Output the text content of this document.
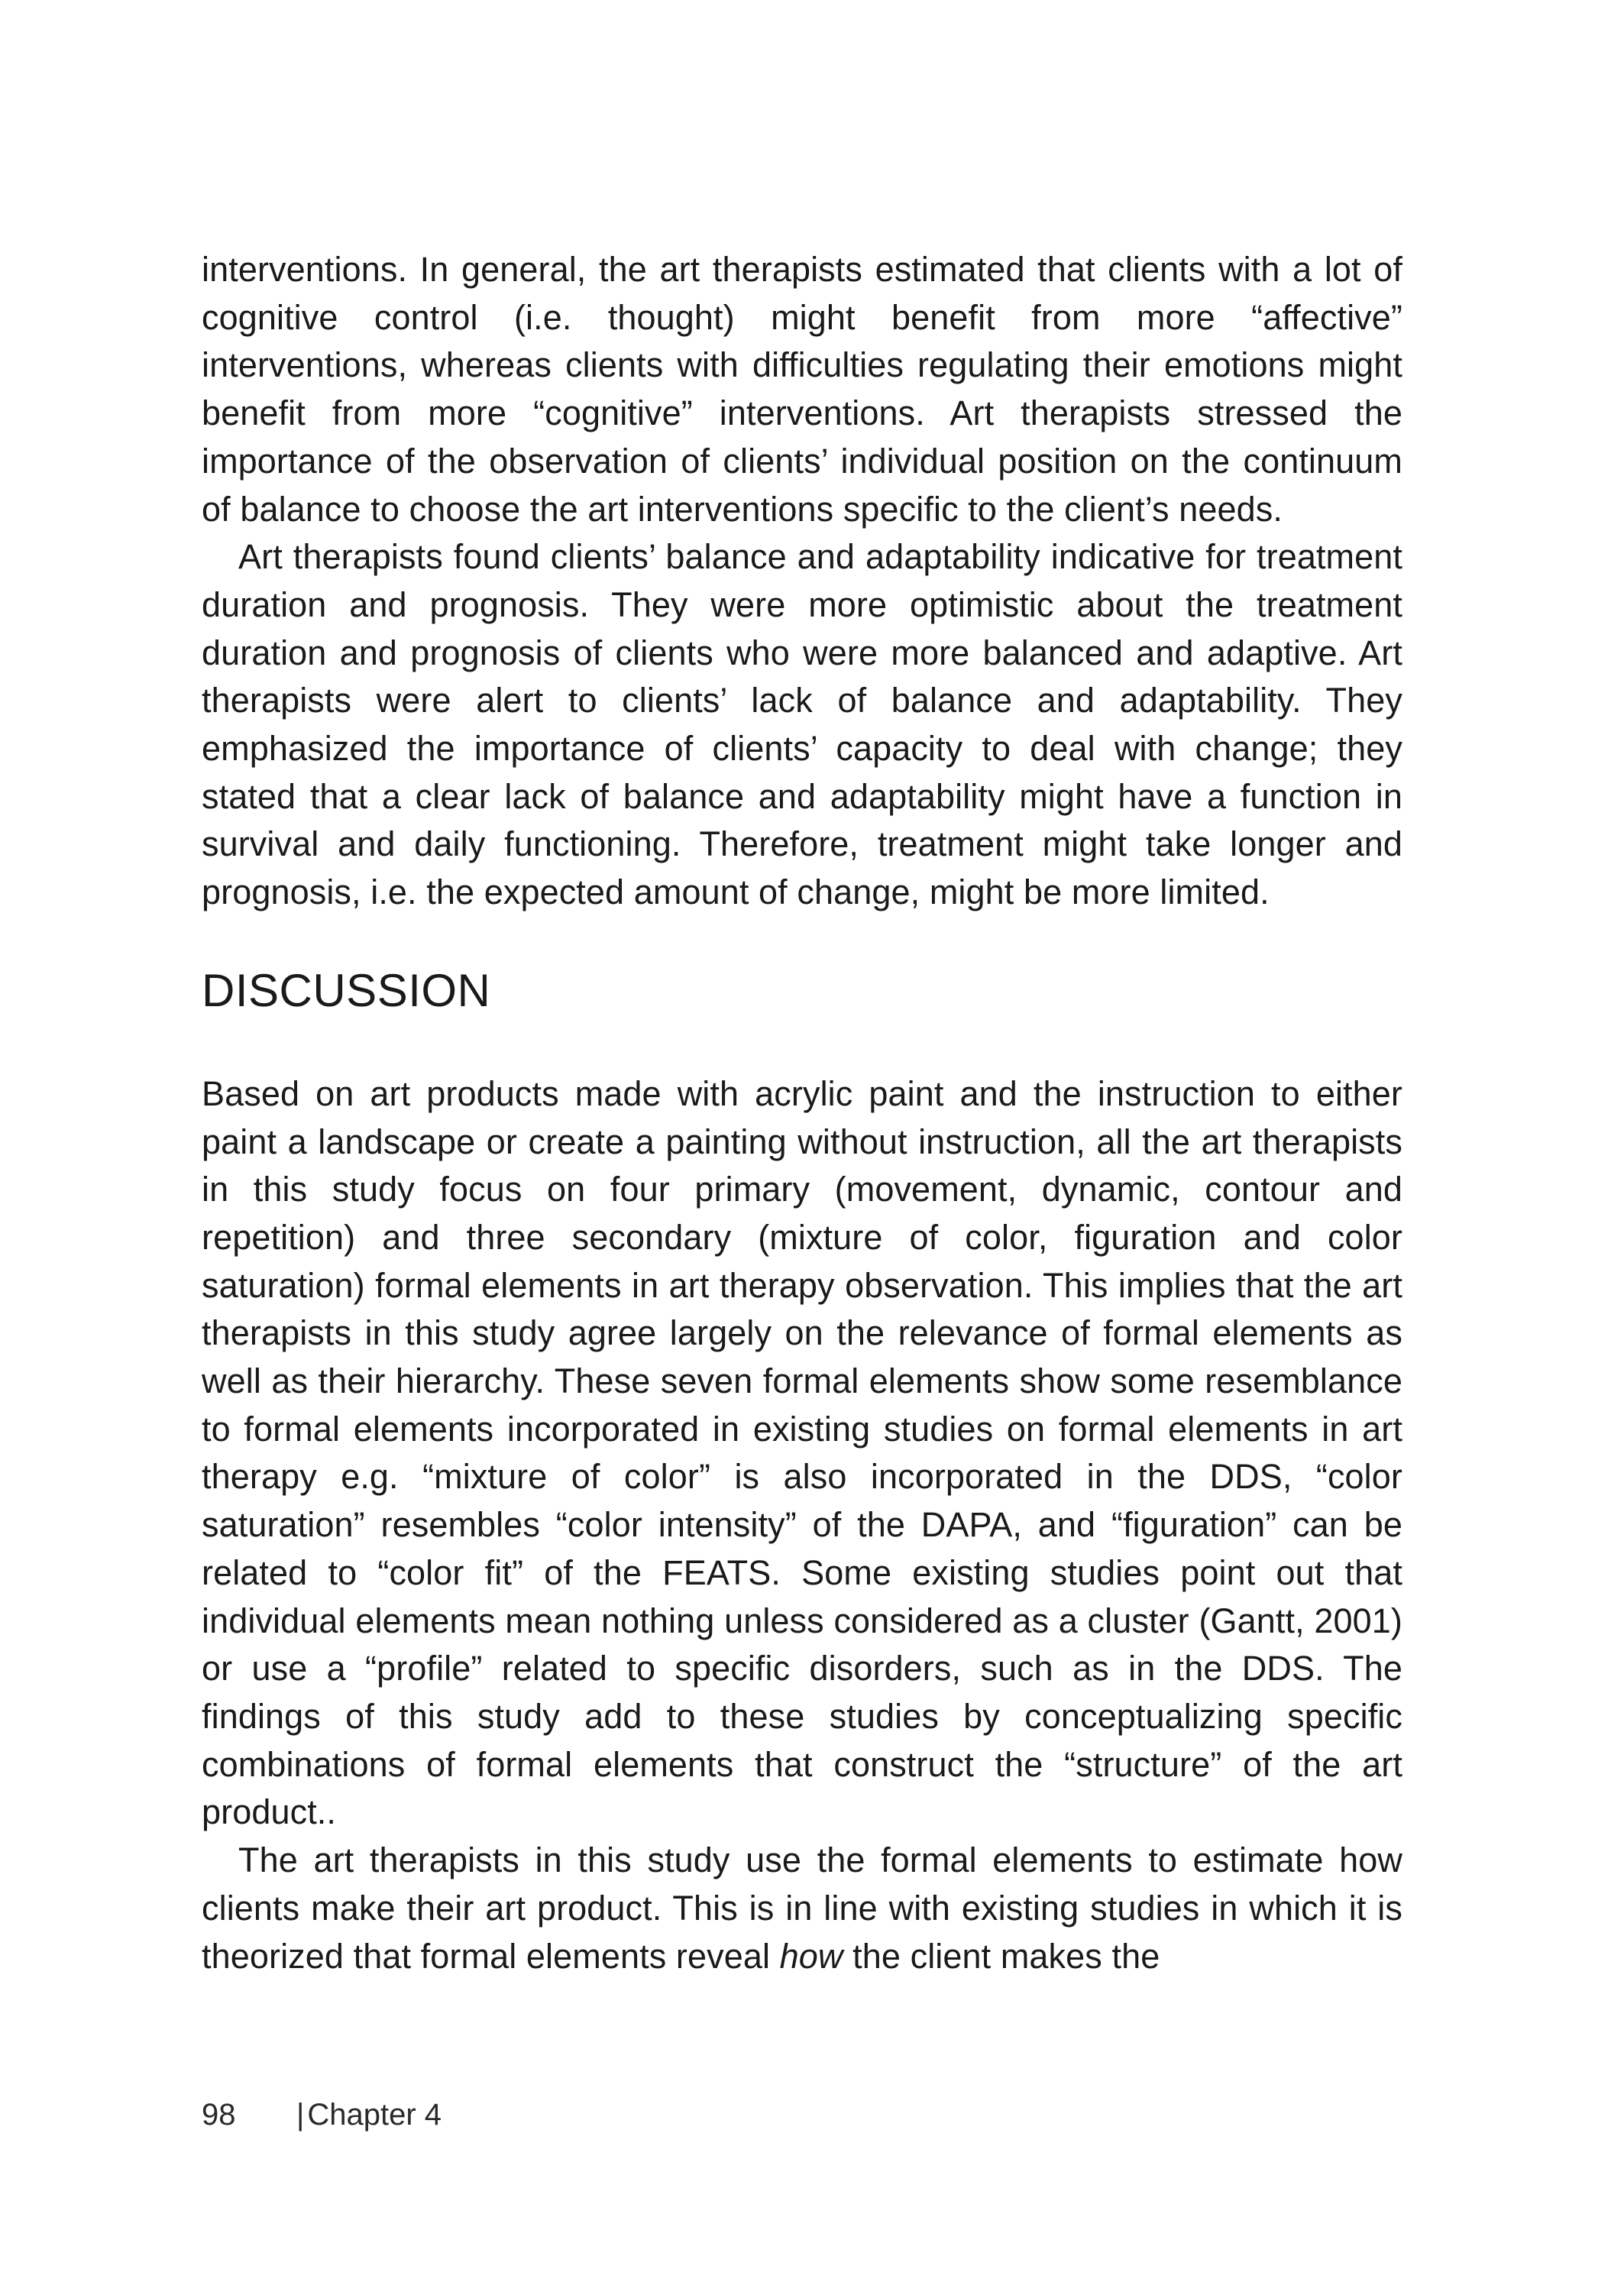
interventions. In general, the art therapists estimated that clients with a lot of cognitive control (i.e. thought) might benefit from more “affective” interventions, whereas clients with difficulties regulating their emotions might benefit from more “cognitive” interventions. Art therapists stressed the importance of the observation of clients’ individual position on the continuum of balance to choose the art interventions specific to the client’s needs.

Art therapists found clients’ balance and adaptability indicative for treatment duration and prognosis. They were more optimistic about the treatment duration and prognosis of clients who were more balanced and adaptive. Art therapists were alert to clients’ lack of balance and adaptability. They emphasized the importance of clients’ capacity to deal with change; they stated that a clear lack of balance and adaptability might have a function in survival and daily functioning. Therefore, treatment might take longer and prognosis, i.e. the expected amount of change, might be more limited.

DISCUSSION

Based on art products made with acrylic paint and the instruction to either paint a landscape or create a painting without instruction, all the art therapists in this study focus on four primary (movement, dynamic, contour and repetition) and three secondary (mixture of color, figuration and color saturation) formal elements in art therapy observation. This implies that the art therapists in this study agree largely on the relevance of formal elements as well as their hierarchy. These seven formal elements show some resemblance to formal elements incorporated in existing studies on formal elements in art therapy e.g. “mixture of color” is also incorporated in the DDS, “color saturation” resembles “color intensity” of the DAPA, and “figuration” can be related to “color fit” of the FEATS. Some existing studies point out that individual elements mean nothing unless considered as a cluster (Gantt, 2001) or use a “profile” related to specific disorders, such as in the DDS. The findings of this study add to these studies by conceptualizing specific combinations of formal elements that construct the “structure” of the art product..

The art therapists in this study use the formal elements to estimate how clients make their art product. This is in line with existing studies in which it is theorized that formal elements reveal how the client makes the

98	| Chapter 4
